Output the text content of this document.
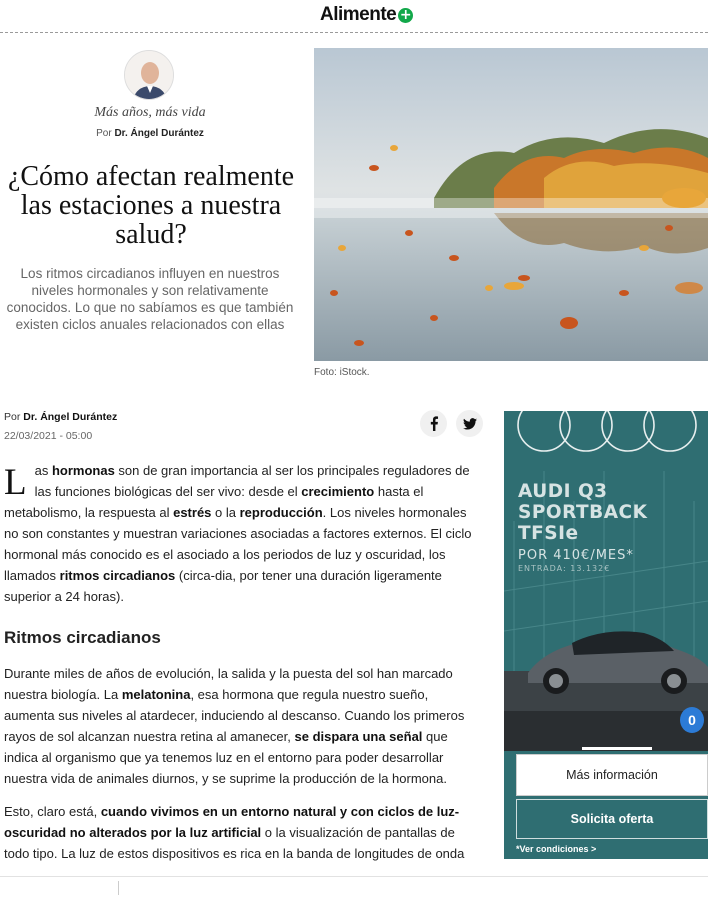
Alimente +
Más años, más vida
Por Dr. Ángel Durántez
¿Cómo afectan realmente las estaciones a nuestra salud?

Los ritmos circadianos influyen en nuestros niveles hormonales y son relativamente conocidos. Lo que no sabíamos es que también existen ciclos anuales relacionados con ellas

Foto: iStock.
Por Dr. Ángel Durántez
22/03/2021 - 05:00

Las hormonas son de gran importancia al ser los principales reguladores de las funciones biológicas del ser vivo: desde el crecimiento hasta el metabolismo, la respuesta al estrés o la reproducción. Los niveles hormonales no son constantes y muestran variaciones asociadas a factores externos. El ciclo hormonal más conocido es el asociado a los periodos de luz y oscuridad, los llamados ritmos circadianos (circa-dia, por tener una duración ligeramente superior a 24 horas).

Ritmos circadianos

Durante miles de años de evolución, la salida y la puesta del sol han marcado nuestra biología. La melatonina, esa hormona que regula nuestro sueño, aumenta sus niveles al atardecer, induciendo al descanso. Cuando los primeros rayos de sol alcanzan nuestra retina al amanecer, se dispara una señal que indica al organismo que ya tenemos luz en el entorno para poder desarrollar nuestra vida de animales diurnos, y se suprime la producción de la hormona.

Esto, claro está, cuando vivimos en un entorno natural y con ciclos de luz-oscuridad no alterados por la luz artificial o la visualización de pantallas de todo tipo. La luz de estos dispositivos es rica en la banda de longitudes de onda

AUDI Q3
SPORTBACK
TFSIe
POR 410€/MES*
ENTRADA: 13.132€
0
Más información
Solicita oferta
*Ver condiciones >
